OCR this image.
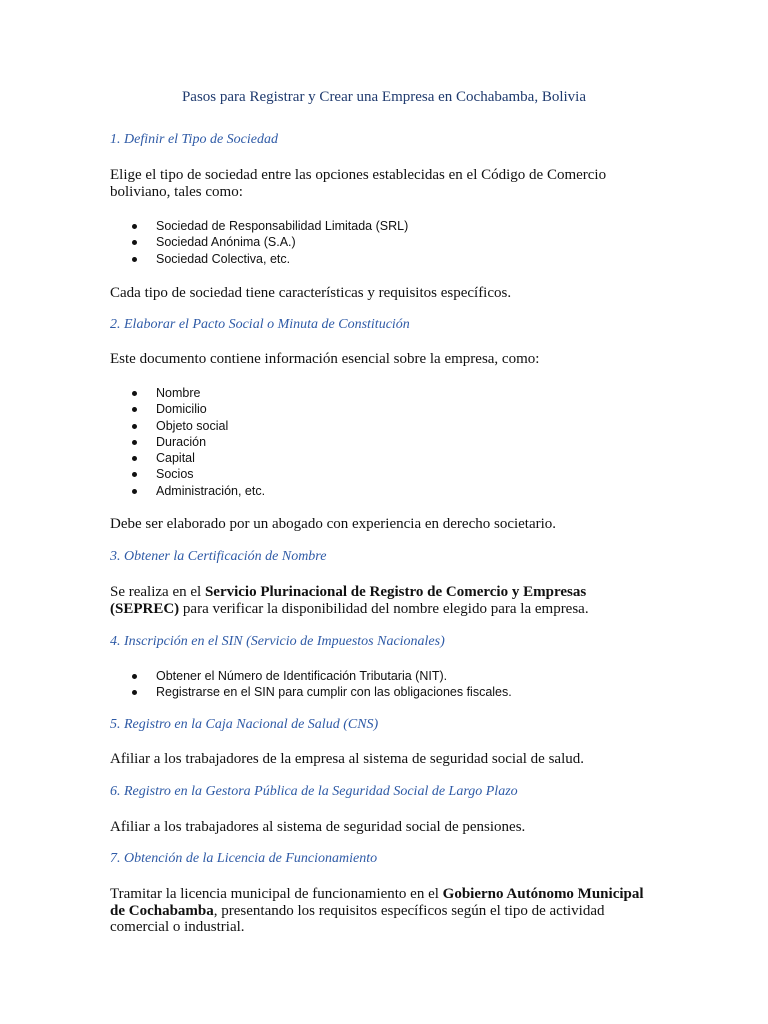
Pasos para Registrar y Crear una Empresa en Cochabamba, Bolivia
1. Definir el Tipo de Sociedad
Elige el tipo de sociedad entre las opciones establecidas en el Código de Comercio boliviano, tales como:
Sociedad de Responsabilidad Limitada (SRL)
Sociedad Anónima (S.A.)
Sociedad Colectiva, etc.
Cada tipo de sociedad tiene características y requisitos específicos.
2. Elaborar el Pacto Social o Minuta de Constitución
Este documento contiene información esencial sobre la empresa, como:
Nombre
Domicilio
Objeto social
Duración
Capital
Socios
Administración, etc.
Debe ser elaborado por un abogado con experiencia en derecho societario.
3. Obtener la Certificación de Nombre
Se realiza en el Servicio Plurinacional de Registro de Comercio y Empresas (SEPREC) para verificar la disponibilidad del nombre elegido para la empresa.
4. Inscripción en el SIN (Servicio de Impuestos Nacionales)
Obtener el Número de Identificación Tributaria (NIT).
Registrarse en el SIN para cumplir con las obligaciones fiscales.
5. Registro en la Caja Nacional de Salud (CNS)
Afiliar a los trabajadores de la empresa al sistema de seguridad social de salud.
6. Registro en la Gestora Pública de la Seguridad Social de Largo Plazo
Afiliar a los trabajadores al sistema de seguridad social de pensiones.
7. Obtención de la Licencia de Funcionamiento
Tramitar la licencia municipal de funcionamiento en el Gobierno Autónomo Municipal de Cochabamba, presentando los requisitos específicos según el tipo de actividad comercial o industrial.
